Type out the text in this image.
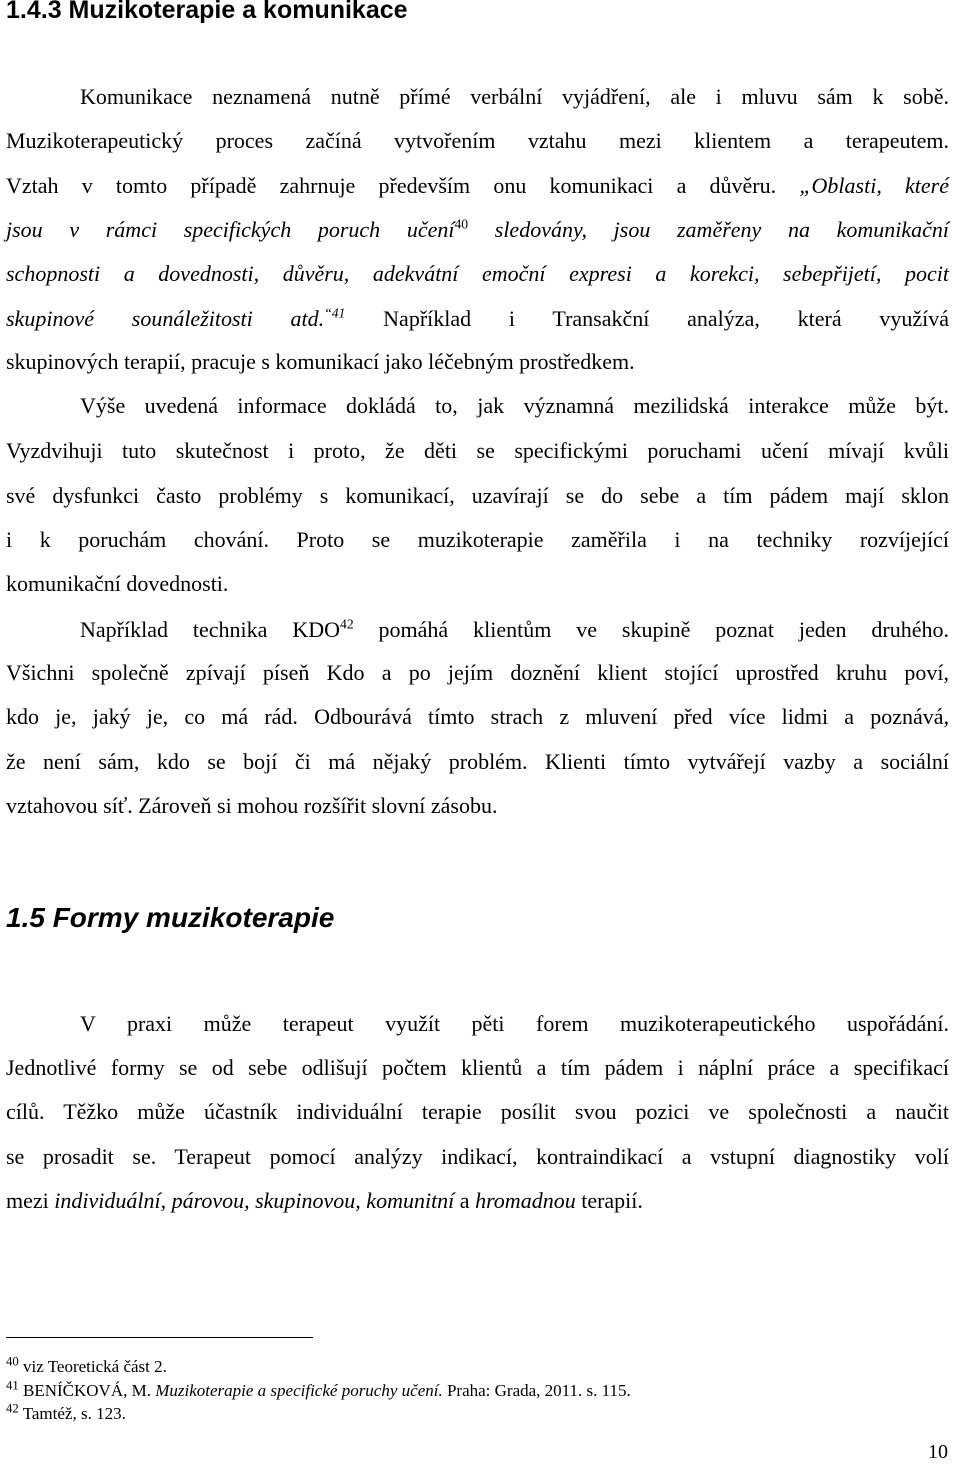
1.4.3 Muzikoterapie a komunikace
Komunikace neznamená nutně přímé verbální vyjádření, ale i mluvu sám k sobě.
Muzikoterapeutický proces začíná vytvořením vztahu mezi klientem a terapeutem.
Vztah v tomto případě zahrnuje především onu komunikaci a důvěru. „Oblasti, které
jsou v rámci specifických poruch učení$^{40}$ sledovány, jsou zaměřeny na komunikační
schopnosti a dovednosti, důvěru, adekvátní emoční expresi a korekci, sebepřijetí, pocit
skupinové sounáležitosti atd.$^{“41}$ Například i Transakční analýza, která využívá
skupinových terapií, pracuje s komunikací jako léčebným prostředkem.
Výše uvedená informace dokládá to, jak významná mezilidská interakce může být.
Vyzdvihuji tuto skutečnost i proto, že děti se specifickými poruchami učení mívají kvůli
své dysfunkci často problémy s komunikací, uzavírají se do sebe a tím pádem mají sklon
i k poruchám chování. Proto se muzikoterapie zaměřila i na techniky rozvíjející
komunikační dovednosti.
Například technika KDO$^{42}$ pomáhá klientům ve skupině poznat jeden druhého.
Všichni společně zpívají píseň Kdo a po jejím doznění klient stojící uprostřed kruhu poví,
kdo je, jaký je, co má rád. Odbourává tímto strach z mluvení před více lidmi a poznává,
že není sám, kdo se bojí či má nějaký problém. Klienti tímto vytvářejí vazby a sociální
vztahovou síť. Zároveň si mohou rozšířit slovní zásobu.
1.5 Formy muzikoterapie
V praxi může terapeut využít pěti forem muzikoterapeutického uspořádání.
Jednotlivé formy se od sebe odlišují počtem klientů a tím pádem i náplní práce a specifikací
cílů. Těžko může účastník individuální terapie posílit svou pozici ve společnosti a naučit
se prosadit se. Terapeut pomocí analýzy indikací, kontraindikací a vstupní diagnostiky volí
mezi individuální, párovou, skupinovou, komunitní a hromadnou terapií.
$^{40}$ viz Teoretická část 2.
$^{41}$ BENÍČKOVÁ, M. Muzikoterapie a specifické poruchy učení. Praha: Grada, 2011. s. 115.
$^{42}$ Tamtéž, s. 123.
10
